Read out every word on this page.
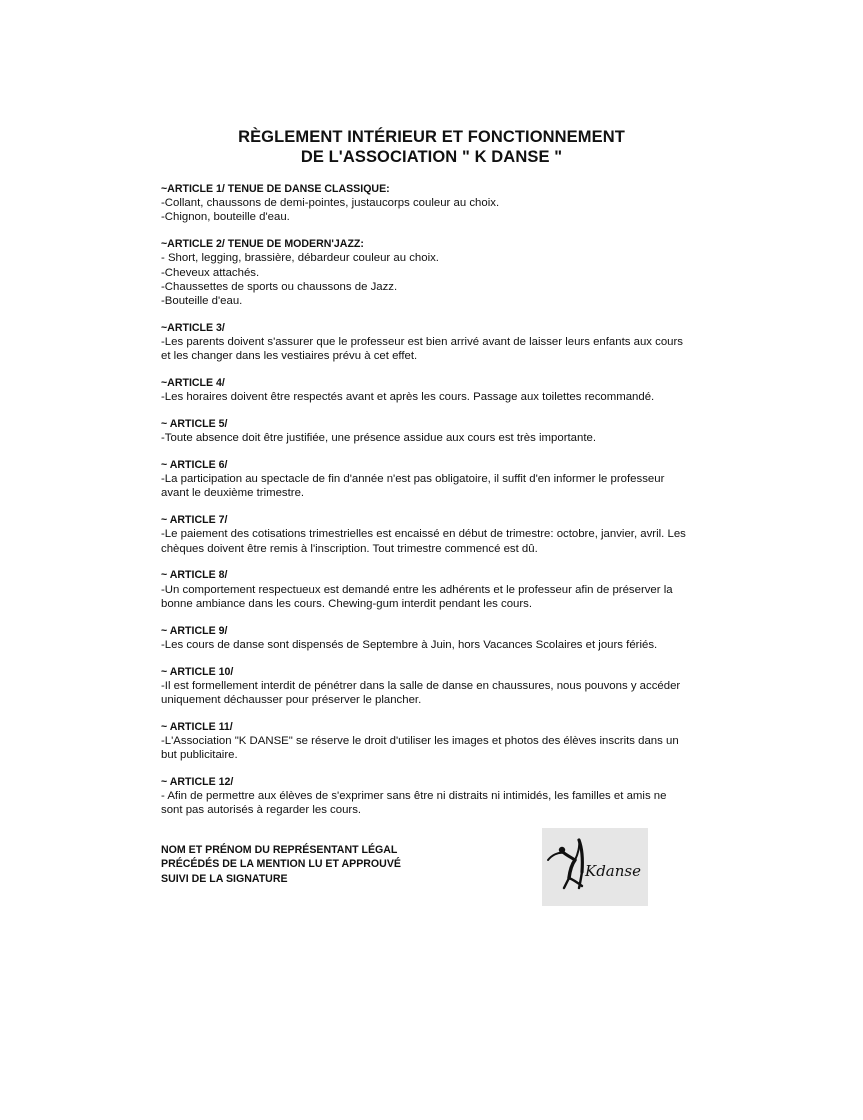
RÈGLEMENT INTÉRIEUR ET FONCTIONNEMENT
DE L'ASSOCIATION " K DANSE "
~ARTICLE 1/ TENUE DE DANSE CLASSIQUE:
-Collant, chaussons de demi-pointes, justaucorps couleur au choix.
-Chignon, bouteille d'eau.
~ARTICLE 2/ TENUE DE MODERN'JAZZ:
- Short, legging, brassière, débardeur couleur au choix.
-Cheveux attachés.
-Chaussettes de sports ou chaussons de Jazz.
-Bouteille d'eau.
~ARTICLE 3/
-Les parents doivent s'assurer que le professeur est bien arrivé avant de laisser leurs enfants aux cours et les changer dans les vestiaires prévu à cet effet.
~ARTICLE 4/
-Les horaires doivent être respectés avant et après les cours. Passage aux toilettes recommandé.
~ ARTICLE 5/
-Toute absence doit être justifiée, une présence assidue aux cours est très importante.
~ ARTICLE 6/
-La participation au spectacle de fin d'année n'est pas obligatoire, il suffit d'en informer le professeur avant le deuxième trimestre.
~ ARTICLE 7/
-Le paiement des cotisations trimestrielles est encaissé en début de trimestre: octobre, janvier, avril. Les chèques doivent être remis à l'inscription. Tout trimestre commencé est dû.
~ ARTICLE 8/
-Un comportement respectueux est demandé entre les adhérents et le professeur afin de préserver la bonne ambiance dans les cours. Chewing-gum interdit pendant les cours.
~ ARTICLE 9/
-Les cours de danse sont dispensés de Septembre à Juin, hors Vacances Scolaires et jours fériés.
~ ARTICLE 10/
-Il est formellement interdit de pénétrer dans la salle de danse en chaussures, nous pouvons y accéder uniquement déchausser pour préserver le plancher.
~ ARTICLE 11/
-L'Association "K DANSE" se réserve le droit d'utiliser les images et photos des élèves inscrits dans un but publicitaire.
~ ARTICLE 12/
- Afin de permettre aux élèves de s'exprimer sans être ni distraits ni intimidés, les familles et amis ne sont pas autorisés à regarder les cours.
NOM ET PRÉNOM DU REPRÉSENTANT LÉGAL
PRÉCÉDÉS DE LA MENTION LU ET APPROUVÉ
SUIVI DE LA SIGNATURE	Kdanse
